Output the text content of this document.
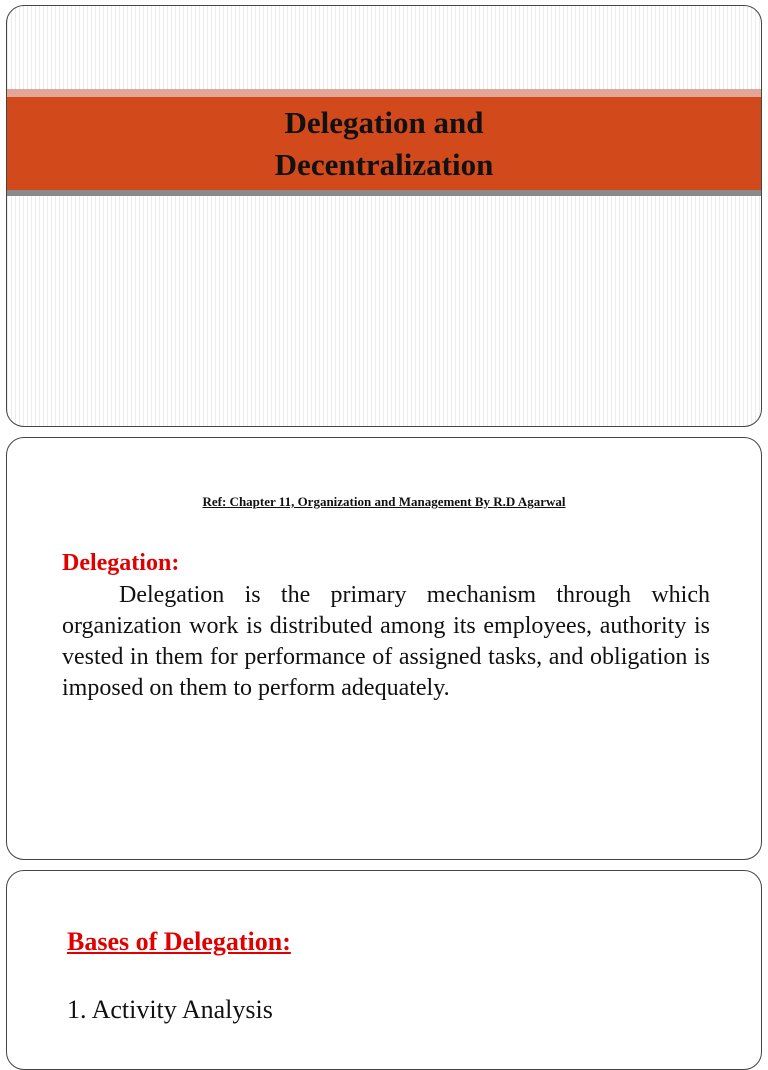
Delegation and Decentralization
Ref: Chapter 11, Organization and Management By R.D Agarwal
Delegation:
Delegation is the primary mechanism through which organization work is distributed among its employees, authority is vested in them for performance of assigned tasks, and obligation is imposed on them to perform adequately.
Bases of Delegation:
1. Activity Analysis
